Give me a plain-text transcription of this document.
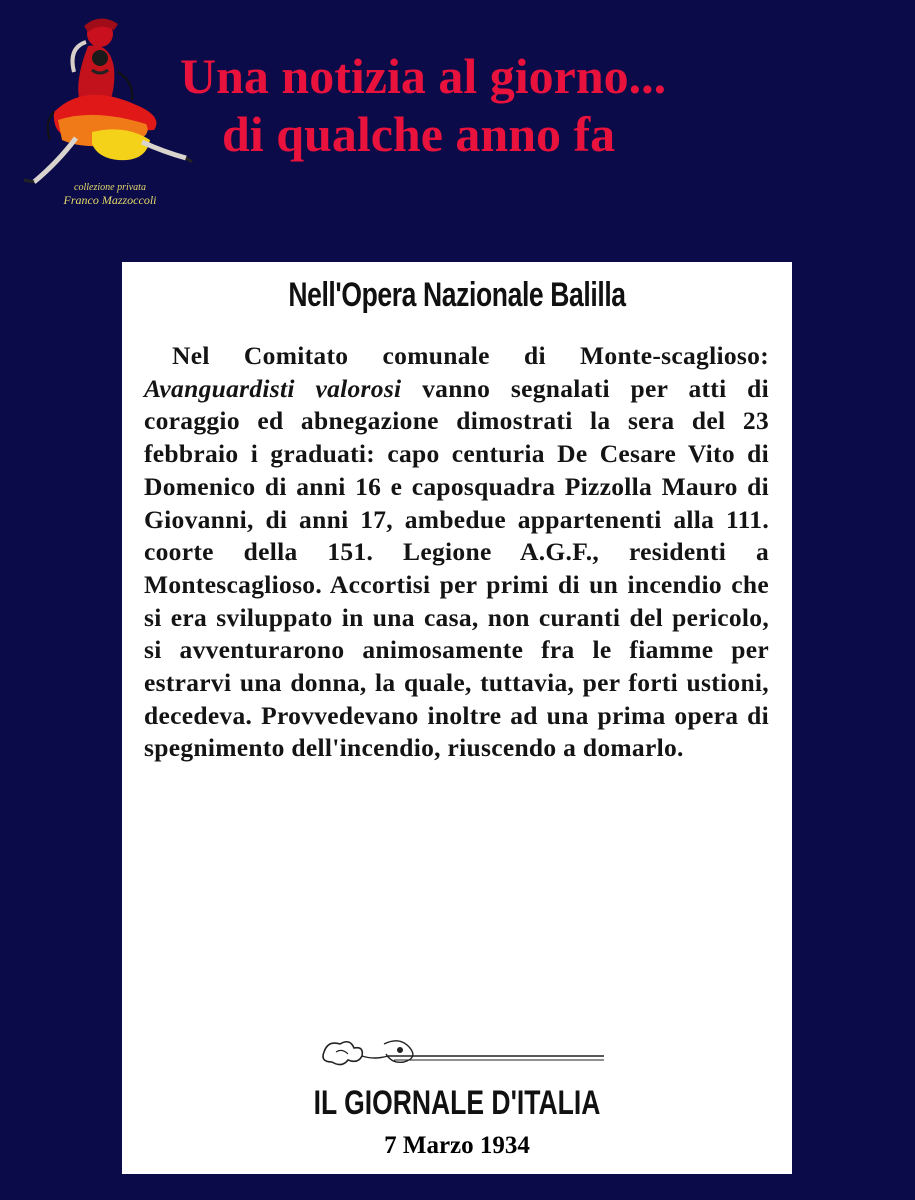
collezione privata
Franco Mazzoccoli
Una notizia al giorno...
di qualche anno fa
Nell'Opera Nazionale Balilla
Nel Comitato comunale di Monte-scaglioso: Avanguardisti valorosi vanno segnalati per atti di coraggio ed abnegazione dimostrati la sera del 23 febbraio i graduati: capo centuria De Cesare Vito di Domenico di anni 16 e caposquadra Pizzolla Mauro di Giovanni, di anni 17, ambedue appartenenti alla 111. coorte della 151. Legione A.G.F., residenti a Montescaglioso. Accortisi per primi di un incendio che si era sviluppato in una casa, non curanti del pericolo, si avventurarono animosamente fra le fiamme per estrarvi una donna, la quale, tuttavia, per forti ustioni, decedeva. Provvedevano inoltre ad una prima opera di spegnimento dell'incendio, riuscendo a domarlo.
IL GIORNALE D'ITALIA
7 Marzo 1934
